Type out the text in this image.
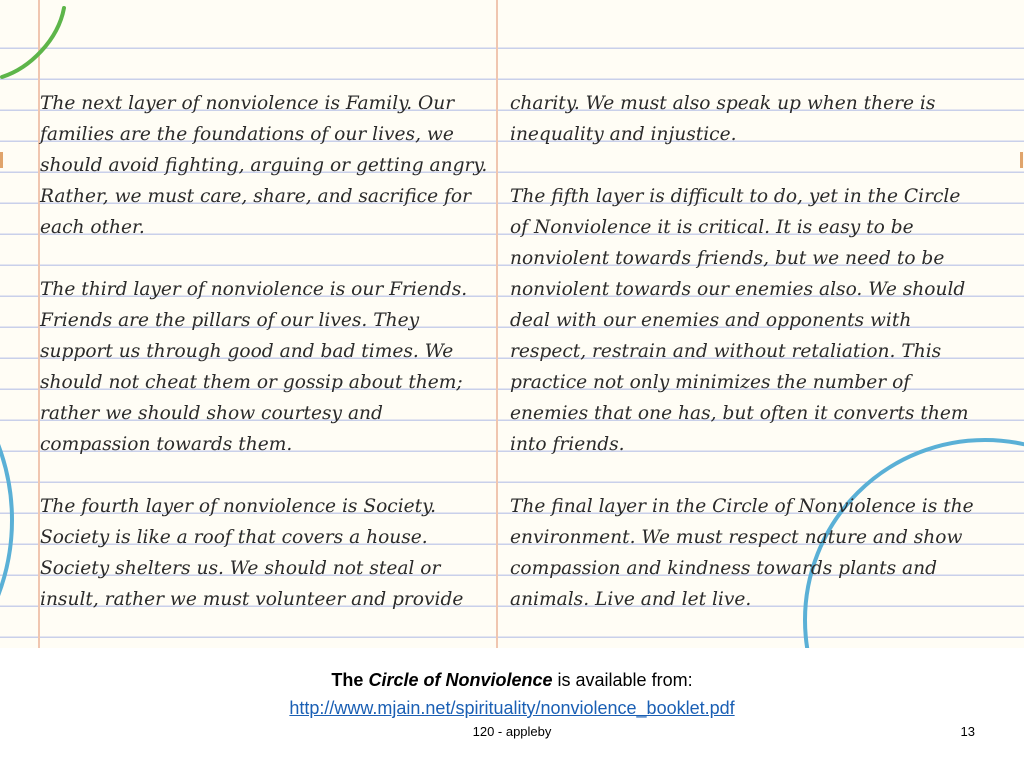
The next layer of nonviolence is Family. Our families are the foundations of our lives, we should avoid fighting, arguing or getting angry. Rather, we must care, share, and sacrifice for each other.

The third layer of nonviolence is our Friends. Friends are the pillars of our lives. They support us through good and bad times. We should not cheat them or gossip about them; rather we should show courtesy and compassion towards them.

The fourth layer of nonviolence is Society. Society is like a roof that covers a house. Society shelters us. We should not steal or insult, rather we must volunteer and provide

charity. We must also speak up when there is inequality and injustice.

The fifth layer is difficult to do, yet in the Circle of Nonviolence it is critical. It is easy to be nonviolent towards friends, but we need to be nonviolent towards our enemies also. We should deal with our enemies and opponents with respect, restrain and without retaliation. This practice not only minimizes the number of enemies that one has, but often it converts them into friends.

The final layer in the Circle of Nonviolence is the environment. We must respect nature and show compassion and kindness towards plants and animals. Live and let live.

The Circle of Nonviolence is available from:
http://www.mjain.net/spirituality/nonviolence_booklet.pdf
120 - appleby	13
